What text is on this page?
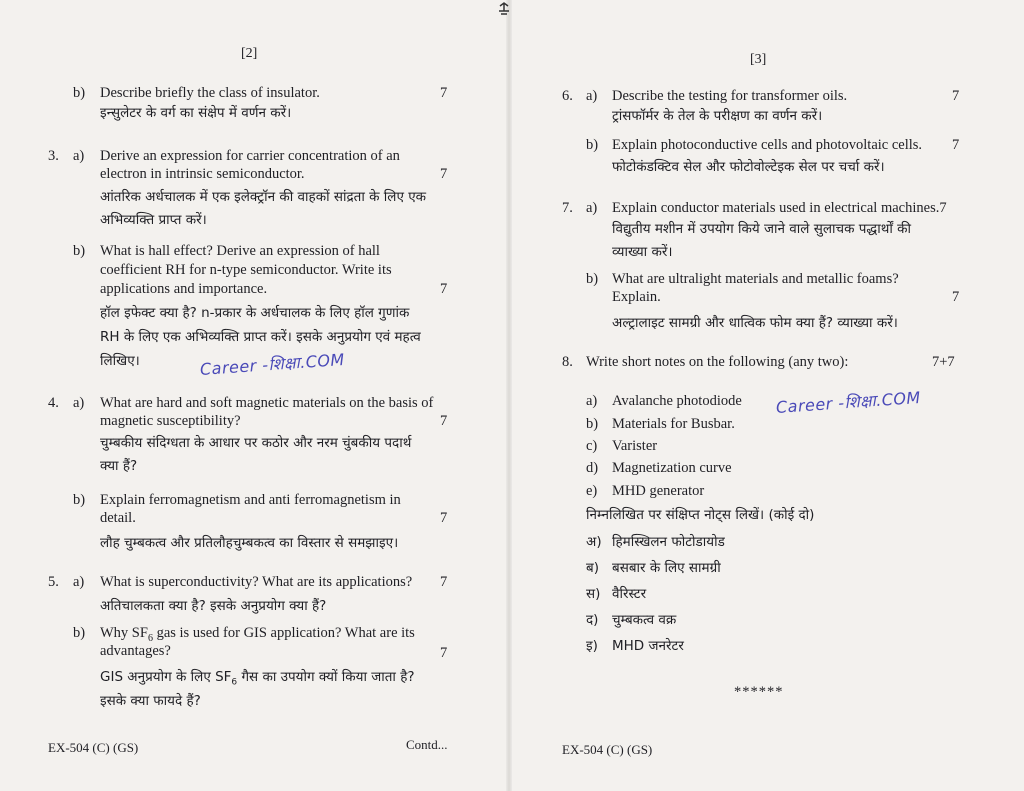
[2]
b) Describe briefly the class of insulator.	7
इन्सुलेटर के वर्ग का संक्षेप में वर्णन करें।
3. a) Derive an expression for carrier concentration of an
electron in intrinsic semiconductor.	7
आंतरिक अर्धचालक में एक इलेक्ट्रॉन की वाहकों सांद्रता के लिए एक
अभिव्यक्ति प्राप्त करें।
b) What is hall effect? Derive an expression of hall
coefficient RH for n-type semiconductor. Write its
applications and importance.	7
हॉल इफेक्ट क्या है? n-प्रकार के अर्धचालक के लिए हॉल गुणांक
RH के लिए एक अभिव्यक्ति प्राप्त करें। इसके अनुप्रयोग एवं महत्व
लिखिए।	Career -शिक्षा.COM
4. a) What are hard and soft magnetic materials on the basis of
magnetic susceptibility?	7
चुम्बकीय संदिग्धता के आधार पर कठोर और नरम चुंबकीय पदार्थ
क्या हैं?
b) Explain ferromagnetism and anti ferromagnetism in
detail.	7
लौह चुम्बकत्व और प्रतिलौहचुम्बकत्व का विस्तार से समझाइए।
5. a) What is superconductivity? What are its applications? 7
अतिचालकता क्या है? इसके अनुप्रयोग क्या हैं?
b) Why $SF_6$ gas is used for GIS application? What are its
advantages?	7
GIS अनुप्रयोग के लिए $SF_6$ गैस का उपयोग क्यों किया जाता है?
इसके क्या फायदे हैं?
EX-504 (C) (GS)	Contd...
[3]
6. a) Describe the testing for transformer oils.	7
ट्रांसफॉर्मर के तेल के परीक्षण का वर्णन करें।
b) Explain photoconductive cells and photovoltaic cells. 7
फोटोकंडक्टिव सेल और फोटोवोल्टेइक सेल पर चर्चा करें।
7. a) Explain conductor materials used in electrical machines.7
विद्युतीय मशीन में उपयोग किये जाने वाले सुलाचक पद्धार्थों की
व्याख्या करें।
b) What are ultralight materials and metallic foams?
Explain.	7
अल्ट्रालाइट सामग्री और धात्विक फोम क्या हैं? व्याख्या करें।
8. Write short notes on the following (any two):	7+7
a) Avalanche photodiode
b) Materials for Busbar.
c) Varister
d) Magnetization curve
e) MHD generator
Career -शिक्षा.COM
निम्नलिखित पर संक्षिप्त नोट्स लिखें। (कोई दो)
अ) हिमस्खिलन फोटोडायोड
ब) बसबार के लिए सामग्री
स) वैरिस्टर
द) चुम्बकत्व वक्र
इ) MHD जनरेटर
******
EX-504 (C) (GS)
